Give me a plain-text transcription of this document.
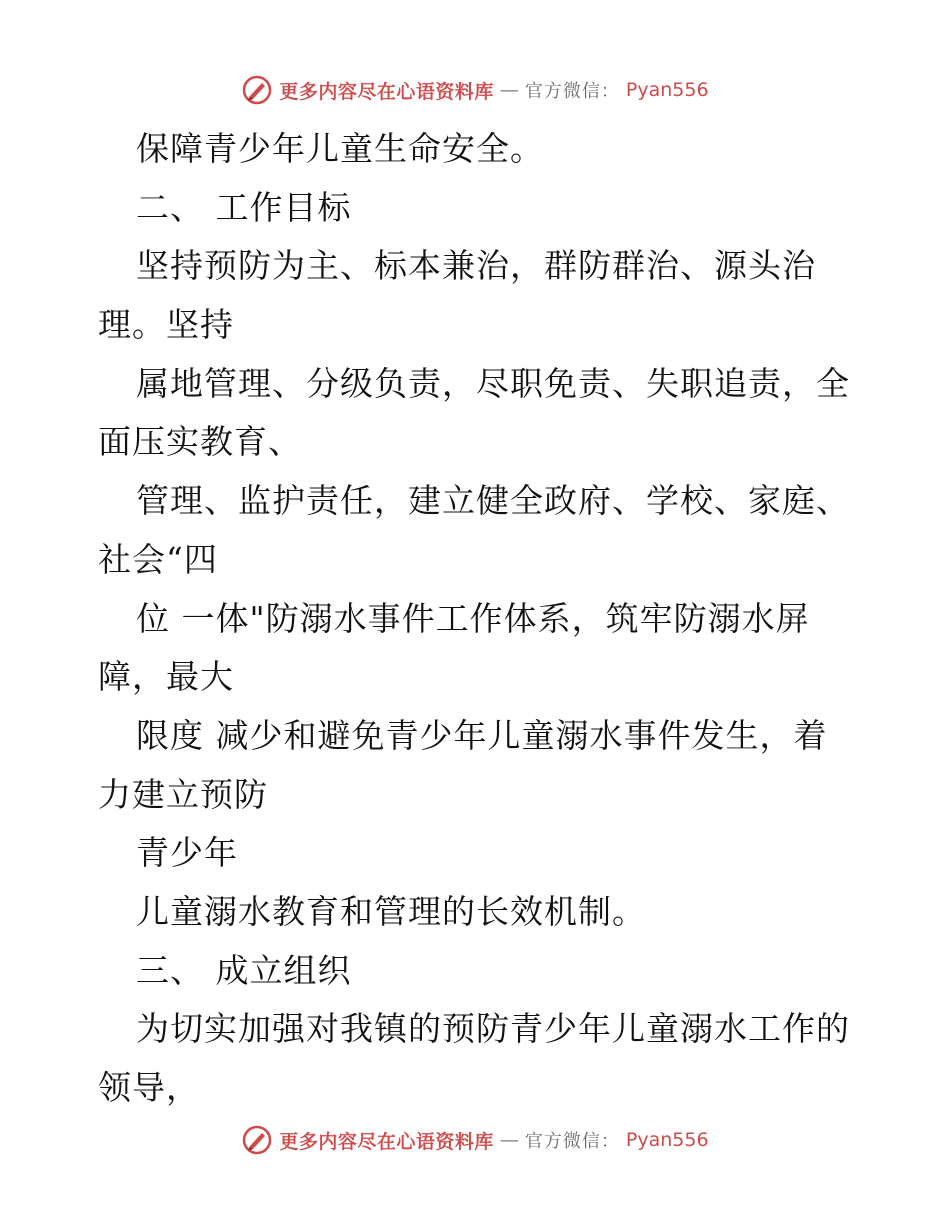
更多内容尽在心语资料库 — 官方微信： Pyan556
保障青少年儿童生命安全。
二、 工作目标
坚持预防为主、标本兼治，群防群治、源头治
理。坚持
属地管理、分级负责，尽职免责、失职追责，全
面压实教育、
管理、监护责任，建立健全政府、学校、家庭、
社会“四
位 一体"防溺水事件工作体系，筑牢防溺水屏
障，最大
限度 减少和避免青少年儿童溺水事件发生，着
力建立预防
青少年
儿童溺水教育和管理的长效机制。
三、 成立组织
为切实加强对我镇的预防青少年儿童溺水工作的
领导，
更多内容尽在心语资料库 — 官方微信： Pyan556
